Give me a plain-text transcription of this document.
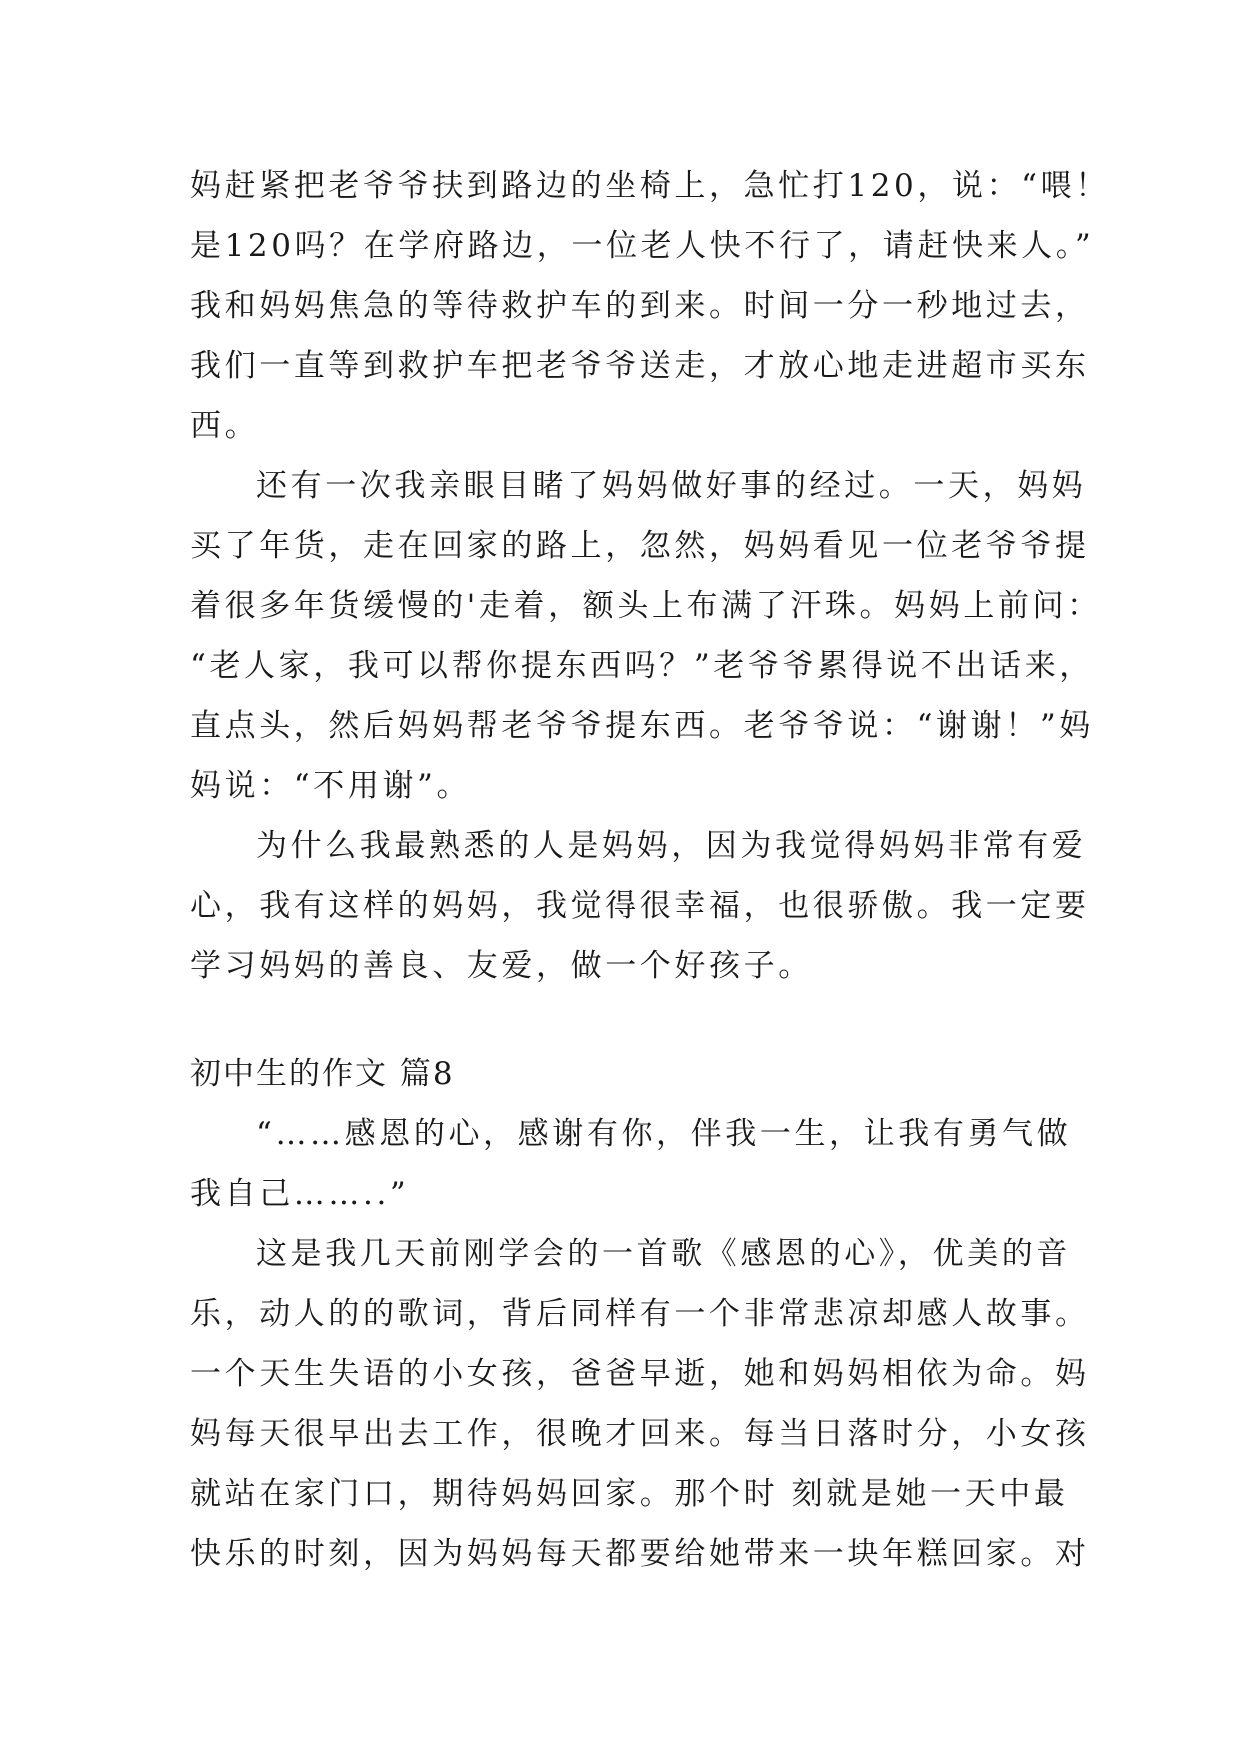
妈赶紧把老爷爷扶到路边的坐椅上，急忙打120，说：“喂！
是120吗？在学府路边，一位老人快不行了，请赶快来人。”
我和妈妈焦急的等待救护车的到来。时间一分一秒地过去，
我们一直等到救护车把老爷爷送走，才放心地走进超市买东
西。
还有一次我亲眼目睹了妈妈做好事的经过。一天，妈妈
买了年货，走在回家的路上，忽然，妈妈看见一位老爷爷提
着很多年货缓慢的'走着，额头上布满了汗珠。妈妈上前问：
“老人家，我可以帮你提东西吗？”老爷爷累得说不出话来，
直点头，然后妈妈帮老爷爷提东西。老爷爷说：“谢谢！”妈
妈说：“不用谢”。
为什么我最熟悉的人是妈妈，因为我觉得妈妈非常有爱
心，我有这样的妈妈，我觉得很幸福，也很骄傲。我一定要
学习妈妈的善良、友爱，做一个好孩子。
初中生的作文 篇8
“……感恩的心，感谢有你，伴我一生，让我有勇气做
我自己……..”
这是我几天前刚学会的一首歌《感恩的心》，优美的音
乐，动人的的歌词，背后同样有一个非常悲凉却感人故事。
一个天生失语的小女孩，爸爸早逝，她和妈妈相依为命。妈
妈每天很早出去工作，很晚才回来。每当日落时分，小女孩
就站在家门口，期待妈妈回家。那个时 刻就是她一天中最
快乐的时刻，因为妈妈每天都要给她带来一块年糕回家。对
